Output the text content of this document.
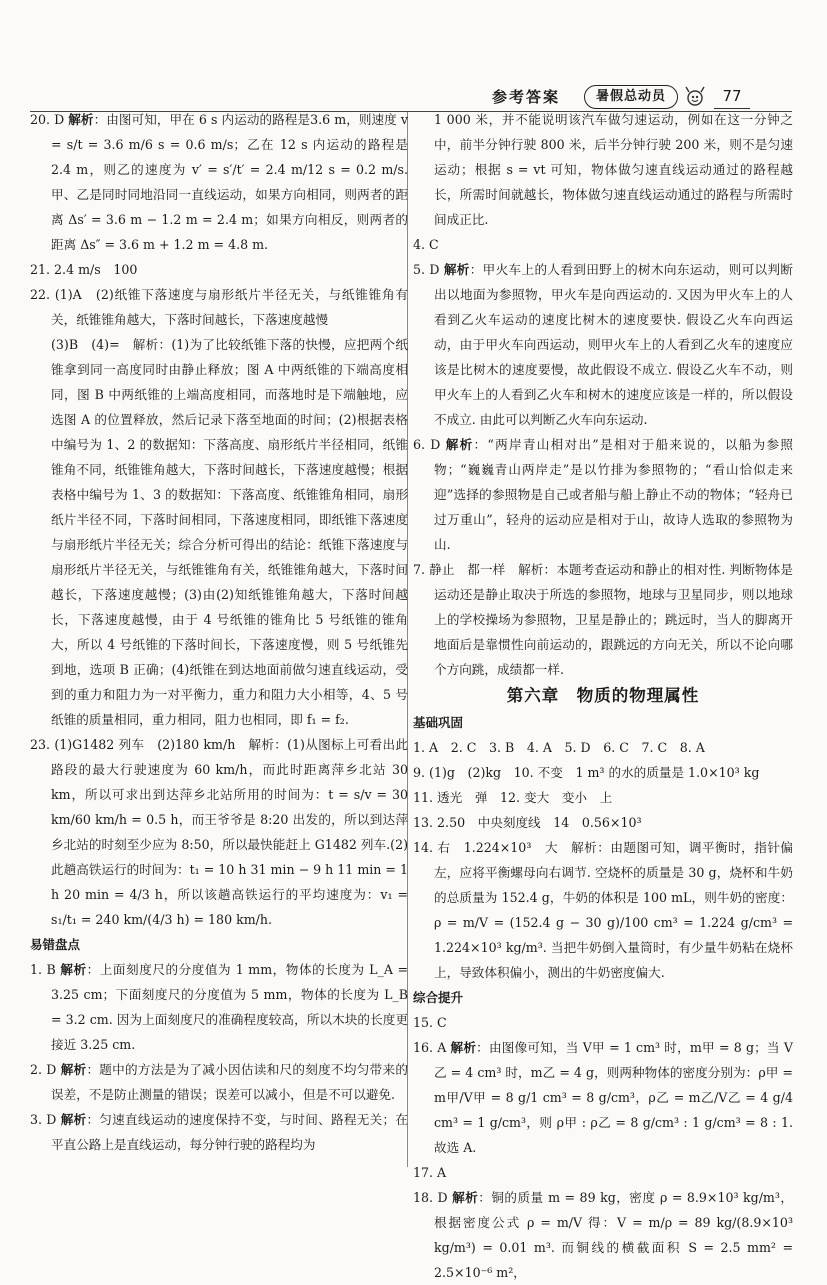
参考答案	暑假总动员	77

20. D 解析：由图可知，甲在 6 s 内运动的路程是3.6 m，则速度 v = s/t = 3.6 m/6 s = 0.6 m/s；乙在 12 s 内运动的路程是 2.4 m，则乙的速度为 v′ = s′/t′ = 2.4 m/12 s = 0.2 m/s. 甲、乙是同时同地沿同一直线运动，如果方向相同，则两者的距离 Δs′ = 3.6 m − 1.2 m = 2.4 m；如果方向相反，则两者的距离 Δs″ = 3.6 m + 1.2 m = 4.8 m.

21. 2.4 m/s　100

22. (1)A　(2)纸锥下落速度与扇形纸片半径无关，与纸锥锥角有关，纸锥锥角越大，下落时间越长，下落速度越慢

(3)B　(4)=　解析：(1)为了比较纸锥下落的快慢，应把两个纸锥拿到同一高度同时由静止释放；图 A 中两纸锥的下端高度相同，图 B 中两纸锥的上端高度相同，而落地时是下端触地，应选图 A 的位置释放，然后记录下落至地面的时间；(2)根据表格中编号为 1、2 的数据知：下落高度、扇形纸片半径相同，纸锥锥角不同，纸锥锥角越大，下落时间越长，下落速度越慢；根据表格中编号为 1、3 的数据知：下落高度、纸锥锥角相同，扇形纸片半径不同，下落时间相同，下落速度相同，即纸锥下落速度与扇形纸片半径无关；综合分析可得出的结论：纸锥下落速度与扇形纸片半径无关，与纸锥锥角有关，纸锥锥角越大，下落时间越长，下落速度越慢；(3)由(2)知纸锥锥角越大，下落时间越长，下落速度越慢，由于 4 号纸锥的锥角比 5 号纸锥的锥角大，所以 4 号纸锥的下落时间长，下落速度慢，则 5 号纸锥先到地，选项 B 正确；(4)纸锥在到达地面前做匀速直线运动，受到的重力和阻力为一对平衡力，重力和阻力大小相等，4、5 号纸锥的质量相同，重力相同，阻力也相同，即 f₁ = f₂.

23. (1)G1482 列车　(2)180 km/h　解析：(1)从图标上可看出此路段的最大行驶速度为 60 km/h，而此时距离萍乡北站 30 km，所以可求出到达萍乡北站所用的时间为：t = s/v = 30 km/60 km/h = 0.5 h，而王爷爷是 8:20 出发的，所以到达萍乡北站的时刻至少应为 8:50，所以最快能赶上 G1482 列车.(2)此趟高铁运行的时间为：t₁ = 10 h 31 min − 9 h 11 min = 1 h 20 min = 4/3 h，所以该趟高铁运行的平均速度为：v₁ = s₁/t₁ = 240 km/(4/3 h) = 180 km/h.

易错盘点

1. B 解析：上面刻度尺的分度值为 1 mm，物体的长度为 L_A = 3.25 cm；下面刻度尺的分度值为 5 mm，物体的长度为 L_B = 3.2 cm. 因为上面刻度尺的准确程度较高，所以木块的长度更接近 3.25 cm.

2. D 解析：题中的方法是为了减小因估读和尺的刻度不均匀带来的误差，不是防止测量的错误；误差可以减小，但是不可以避免.

3. D 解析：匀速直线运动的速度保持不变，与时间、路程无关；在平直公路上是直线运动，每分钟行驶的路程均为

1 000 米，并不能说明该汽车做匀速运动，例如在这一分钟之中，前半分钟行驶 800 米，后半分钟行驶 200 米，则不是匀速运动；根据 s = vt 可知，物体做匀速直线运动通过的路程越长，所需时间就越长，物体做匀速直线运动通过的路程与所需时间成正比.

4. C

5. D 解析：甲火车上的人看到田野上的树木向东运动，则可以判断出以地面为参照物，甲火车是向西运动的. 又因为甲火车上的人看到乙火车运动的速度比树木的速度要快. 假设乙火车向西运动，由于甲火车向西运动，则甲火车上的人看到乙火车的速度应该是比树木的速度要慢，故此假设不成立. 假设乙火车不动，则甲火车上的人看到乙火车和树木的速度应该是一样的，所以假设不成立. 由此可以判断乙火车向东运动.

6. D 解析：“两岸青山相对出”是相对于船来说的，以船为参照物；“巍巍青山两岸走”是以竹排为参照物的；“看山恰似走来迎”选择的参照物是自己或者船与船上静止不动的物体；“轻舟已过万重山”，轻舟的运动应是相对于山，故诗人选取的参照物为山.

7. 静止　都一样　解析：本题考查运动和静止的相对性. 判断物体是运动还是静止取决于所选的参照物，地球与卫星同步，则以地球上的学校操场为参照物，卫星是静止的；跳远时，当人的脚离开地面后是靠惯性向前运动的，跟跳远的方向无关，所以不论向哪个方向跳，成绩都一样.

第六章　物质的物理属性

基础巩固

1. A　2. C　3. B　4. A　5. D　6. C　7. C　8. A

9. (1)g　(2)kg　10. 不变　1 m³ 的水的质量是 1.0×10³ kg

11. 透光　弹　12. 变大　变小　上

13. 2.50　中央刻度线　14　0.56×10³

14. 右　1.224×10³　大　解析：由题图可知，调平衡时，指针偏左，应将平衡螺母向右调节. 空烧杯的质量是 30 g，烧杯和牛奶的总质量为 152.4 g，牛奶的体积是 100 mL，则牛奶的密度：ρ = m/V = (152.4 g − 30 g)/100 cm³ = 1.224 g/cm³ = 1.224×10³ kg/m³. 当把牛奶倒入量筒时，有少量牛奶粘在烧杯上，导致体积偏小，测出的牛奶密度偏大.

综合提升

15. C

16. A 解析：由图像可知，当 V甲 = 1 cm³ 时，m甲 = 8 g；当 V乙 = 4 cm³ 时，m乙 = 4 g，则两种物体的密度分别为：ρ甲 = m甲/V甲 = 8 g/1 cm³ = 8 g/cm³，ρ乙 = m乙/V乙 = 4 g/4 cm³ = 1 g/cm³，则 ρ甲 : ρ乙 = 8 g/cm³ : 1 g/cm³ = 8 : 1. 故选 A.

17. A

18. D 解析：铜的质量 m = 89 kg，密度 ρ = 8.9×10³ kg/m³，根据密度公式 ρ = m/V 得：V = m/ρ = 89 kg/(8.9×10³ kg/m³) = 0.01 m³. 而铜线的横截面积 S = 2.5 mm² = 2.5×10⁻⁶ m²，
